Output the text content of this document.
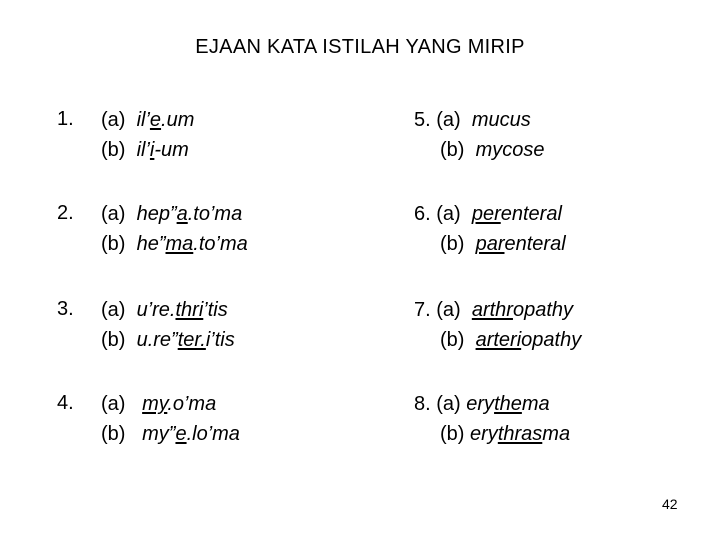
EJAAN KATA ISTILAH YANG MIRIP
1. (a) il’e.um
(b) il’i-um
2. (a) hep”a.to’ma
(b) he”ma.to’ma
3. (a) u’re.thri’tis
(b) u.re”ter.i’tis
4. (a) my.o’ma
(b) my”e.lo’ma
5. (a) mucus
(b) mycose
6. (a) perenteral
(b) parenteral
7. (a) arthropathy
(b) arteriopathy
8. (a) erythema
(b) erythrasma
42
